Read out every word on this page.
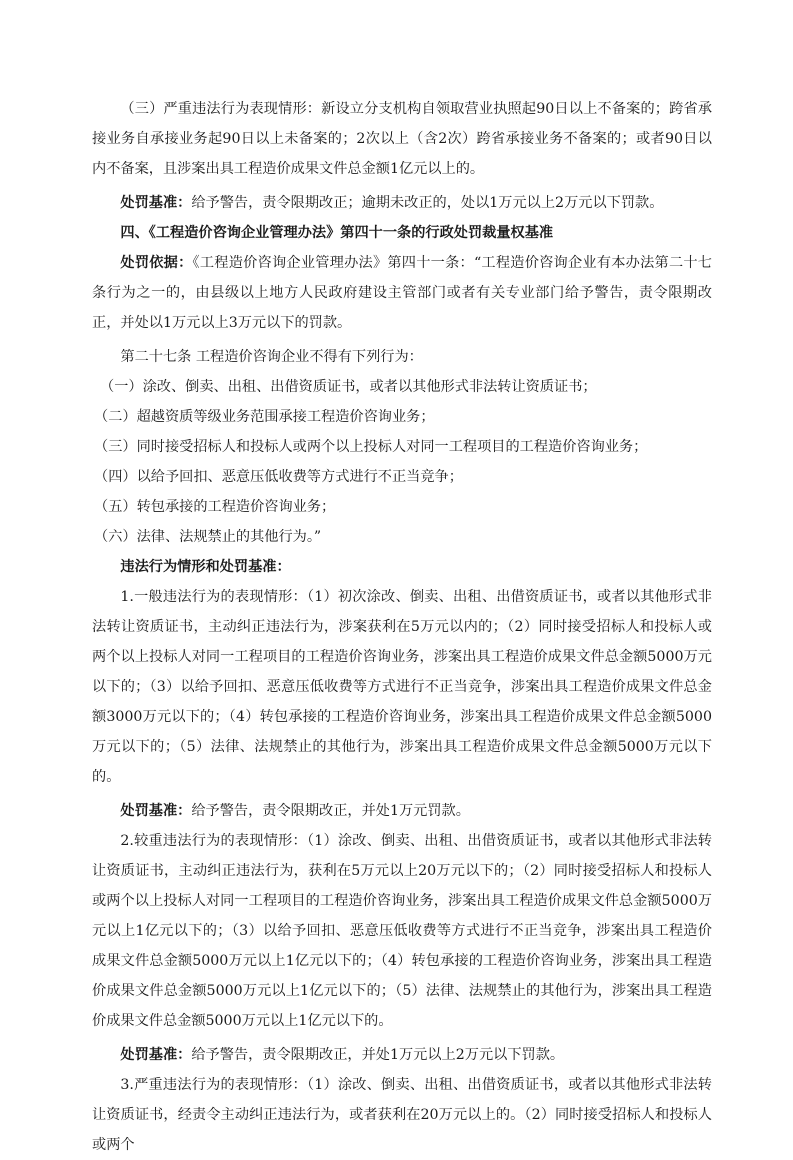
（三）严重违法行为表现情形：新设立分支机构自领取营业执照起90日以上不备案的；跨省承接业务自承接业务起90日以上未备案的；2次以上（含2次）跨省承接业务不备案的；或者90日以内不备案，且涉案出具工程造价成果文件总金额1亿元以上的。

处罚基准：给予警告，责令限期改正；逾期未改正的，处以1万元以上2万元以下罚款。

四、《工程造价咨询企业管理办法》第四十一条的行政处罚裁量权基准

处罚依据：《工程造价咨询企业管理办法》第四十一条：“工程造价咨询企业有本办法第二十七条行为之一的，由县级以上地方人民政府建设主管部门或者有关专业部门给予警告，责令限期改正，并处以1万元以上3万元以下的罚款。

第二十七条 工程造价咨询企业不得有下列行为：

（一）涂改、倒卖、出租、出借资质证书，或者以其他形式非法转让资质证书；

（二）超越资质等级业务范围承接工程造价咨询业务；

（三）同时接受招标人和投标人或两个以上投标人对同一工程项目的工程造价咨询业务；

（四）以给予回扣、恶意压低收费等方式进行不正当竞争；

（五）转包承接的工程造价咨询业务；

（六）法律、法规禁止的其他行为。”

违法行为情形和处罚基准：

1.一般违法行为的表现情形：（1）初次涂改、倒卖、出租、出借资质证书，或者以其他形式非法转让资质证书，主动纠正违法行为，涉案获利在5万元以内的；（2）同时接受招标人和投标人或两个以上投标人对同一工程项目的工程造价咨询业务，涉案出具工程造价成果文件总金额5000万元以下的；（3）以给予回扣、恶意压低收费等方式进行不正当竞争，涉案出具工程造价成果文件总金额3000万元以下的；（4）转包承接的工程造价咨询业务，涉案出具工程造价成果文件总金额5000万元以下的；（5）法律、法规禁止的其他行为，涉案出具工程造价成果文件总金额5000万元以下的。

处罚基准：给予警告，责令限期改正，并处1万元罚款。

2.较重违法行为的表现情形：（1）涂改、倒卖、出租、出借资质证书，或者以其他形式非法转让资质证书，主动纠正违法行为，获利在5万元以上20万元以下的；（2）同时接受招标人和投标人或两个以上投标人对同一工程项目的工程造价咨询业务，涉案出具工程造价成果文件总金额5000万元以上1亿元以下的；（3）以给予回扣、恶意压低收费等方式进行不正当竞争，涉案出具工程造价成果文件总金额5000万元以上1亿元以下的；（4）转包承接的工程造价咨询业务，涉案出具工程造价成果文件总金额5000万元以上1亿元以下的；（5）法律、法规禁止的其他行为，涉案出具工程造价成果文件总金额5000万元以上1亿元以下的。

处罚基准：给予警告，责令限期改正，并处1万元以上2万元以下罚款。

3.严重违法行为的表现情形：（1）涂改、倒卖、出租、出借资质证书，或者以其他形式非法转让资质证书，经责令主动纠正违法行为，或者获利在20万元以上的。（2）同时接受招标人和投标人或两个
